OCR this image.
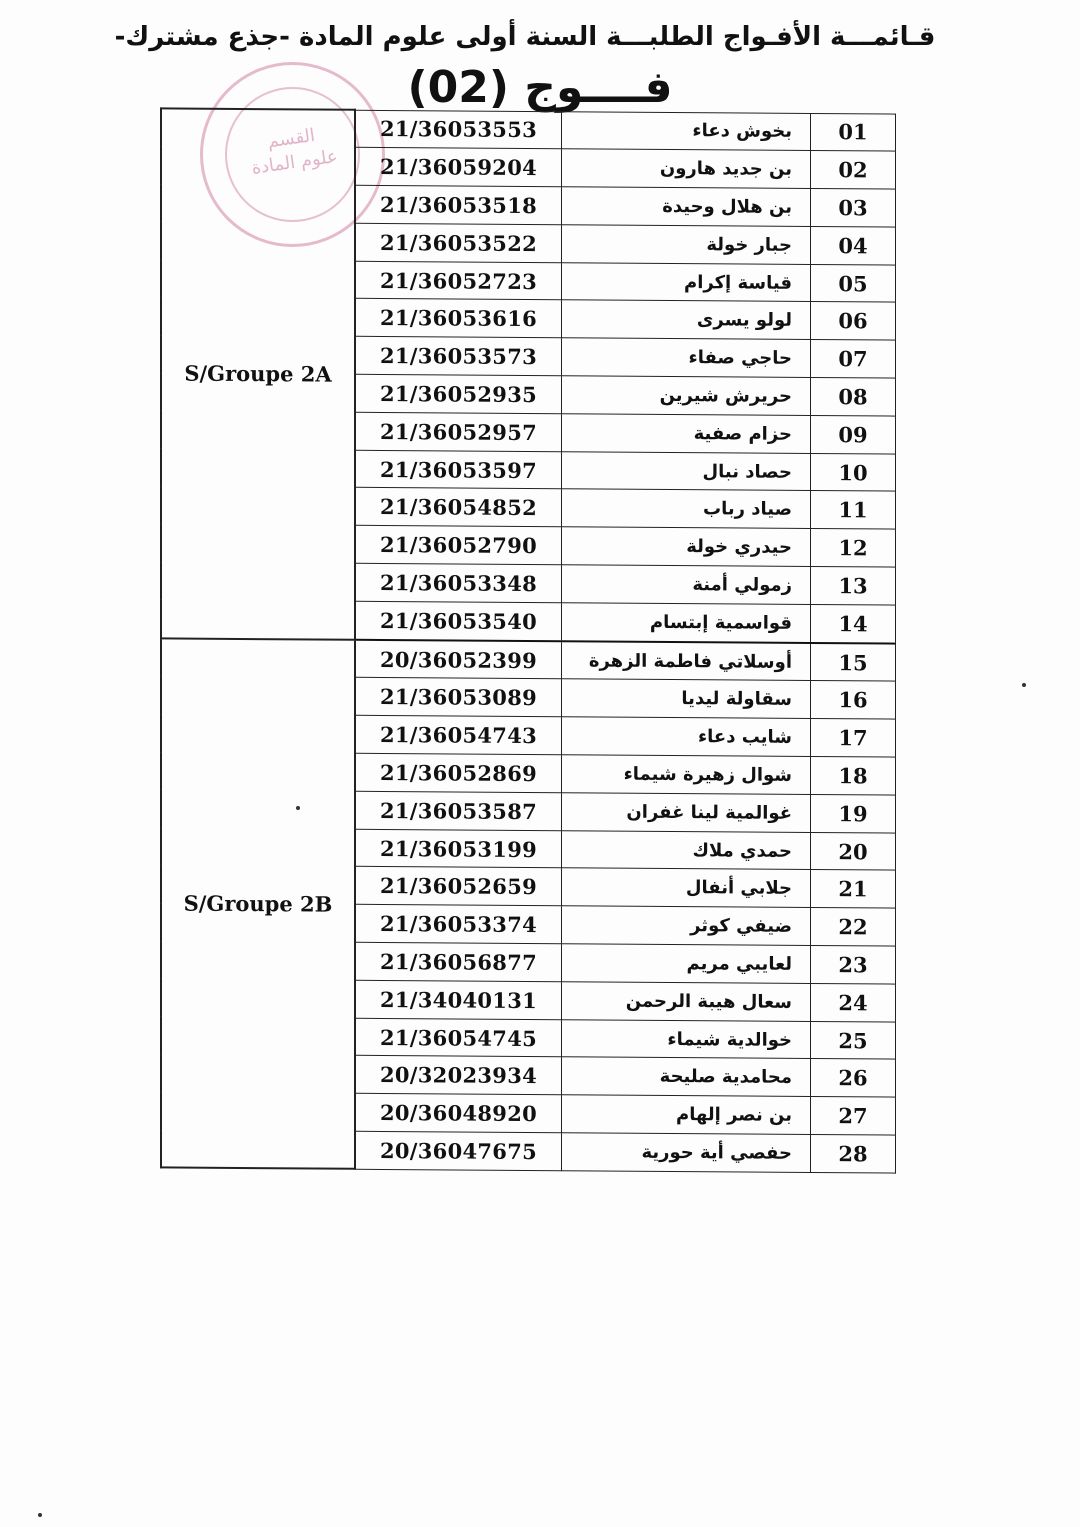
قـائمـــة الأفـواج الطلبـــة السنة أولى علوم المادة -جذع مشترك-
فــــوج (02)
القسم
علوم المادة
S/Groupe 2A	21/36053553	بخوش دعاء	01
	21/36059204	بن جديد هارون	02
	21/36053518	بن هلال وحيدة	03
	21/36053522	جبار خولة	04
	21/36052723	قياسة إكرام	05
	21/36053616	لولو يسرى	06
	21/36053573	حاجي صفاء	07
	21/36052935	حريرش شيرين	08
	21/36052957	حزام صفية	09
	21/36053597	حصاد نبال	10
	21/36054852	صياد رباب	11
	21/36052790	حيدري خولة	12
	21/36053348	زمولي أمنة	13
	21/36053540	قواسمية إبتسام	14
S/Groupe 2B	20/36052399	أوسلاتي فاطمة الزهرة	15
	21/36053089	سقاولة ليديا	16
	21/36054743	شايب دعاء	17
	21/36052869	شوال زهيرة شيماء	18
	21/36053587	غوالمية لينا غفران	19
	21/36053199	حمدي ملاك	20
	21/36052659	جلابي أنفال	21
	21/36053374	ضيفي كوثر	22
	21/36056877	لعايبي مريم	23
	21/34040131	سعال هيبة الرحمن	24
	21/36054745	خوالدية شيماء	25
	20/32023934	محامدية صليحة	26
	20/36048920	بن نصر إلهام	27
	20/36047675	حفصي أية حورية	28
